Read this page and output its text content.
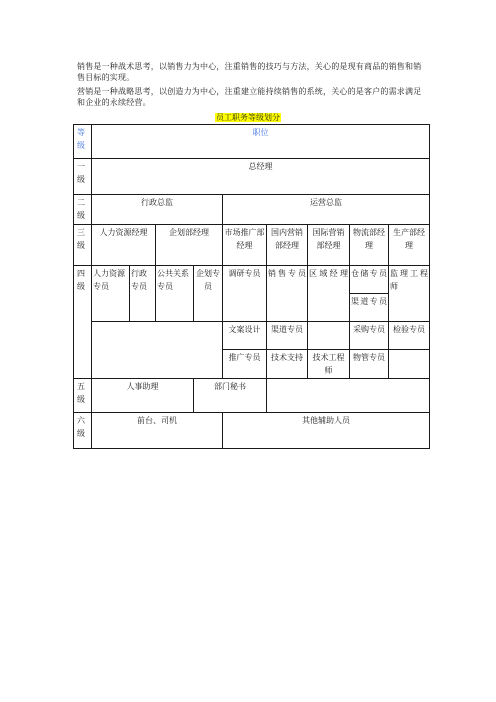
销售是一种战术思考，以销售力为中心，注重销售的技巧与方法，关心的是现有商品的销售和销售目标的实现。
营销是一种战略思考，以创造力为中心，注重建立能持续销售的系统，关心的是客户的需求满足和企业的永续经营。
员工职务等级划分
等级	职位								
一级	总经理								
二级	行政总监				运营总监				
三级	人力资源经理		企划部经理		市场推广部经理	国内营销部经理	国际营销部经理	物流部经理	生产部经理
四级	人力资源专员	行政专员	公共关系专员	企划专员	调研专员	销售专员	区域经理	仓储专员	监理工程师
								渠道专员	
					文案设计	渠道专员		采购专员	检验专员
					推广专员	技术支持	技术工程师	物管专员	
五级	人事助理			部门秘书					
六级	前台、司机				其他辅助人员				
